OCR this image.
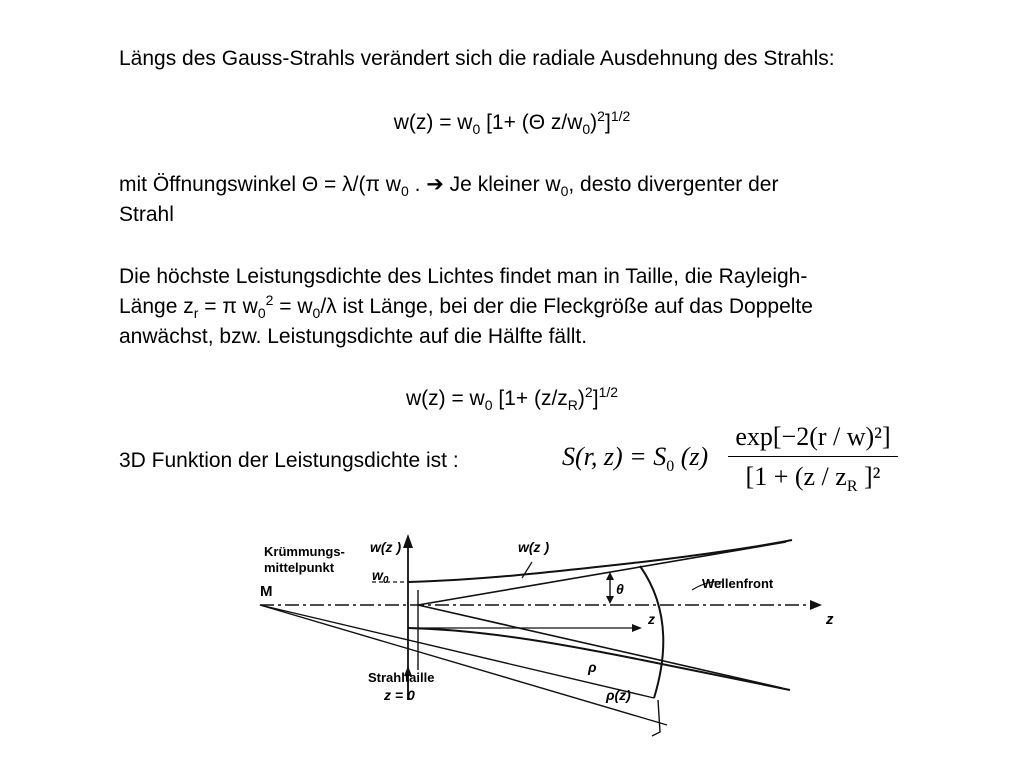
Längs des Gauss-Strahls verändert sich die radiale Ausdehnung des Strahls:
$w(z) = w_0$ [1+ (Θ $z/w_0)^2]^{1/2}$
mit Öffnungswinkel Θ = λ/(π $w_0$ . ➔ Je kleiner $w_0$, desto divergenter der
Strahl
Die höchste Leistungsdichte des Lichtes findet man in Taille, die Rayleigh-
Länge $z_r = \pi$ $w_0^2 = w_0/\lambda$ ist Länge, bei der die Fleckgröße auf das Doppelte
anwächst, bzw. Leistungsdichte auf die Hälfte fällt.
$w(z) = w_0$ $[1+ (z/z_R)^2]^{1/2}$
3D Funktion der Leistungsdichte ist :	S(r, $z) = S_0$ (z)
exp[−2(r / w)²]
[$1 + (z / z_R$ ]²
Krümmungs-
mittelpunkt
M
w(z )
$w_0$
w(z )
θ	Wellenfront
z	z
ρ
ρ(z)
Strahltaille
z = 0
